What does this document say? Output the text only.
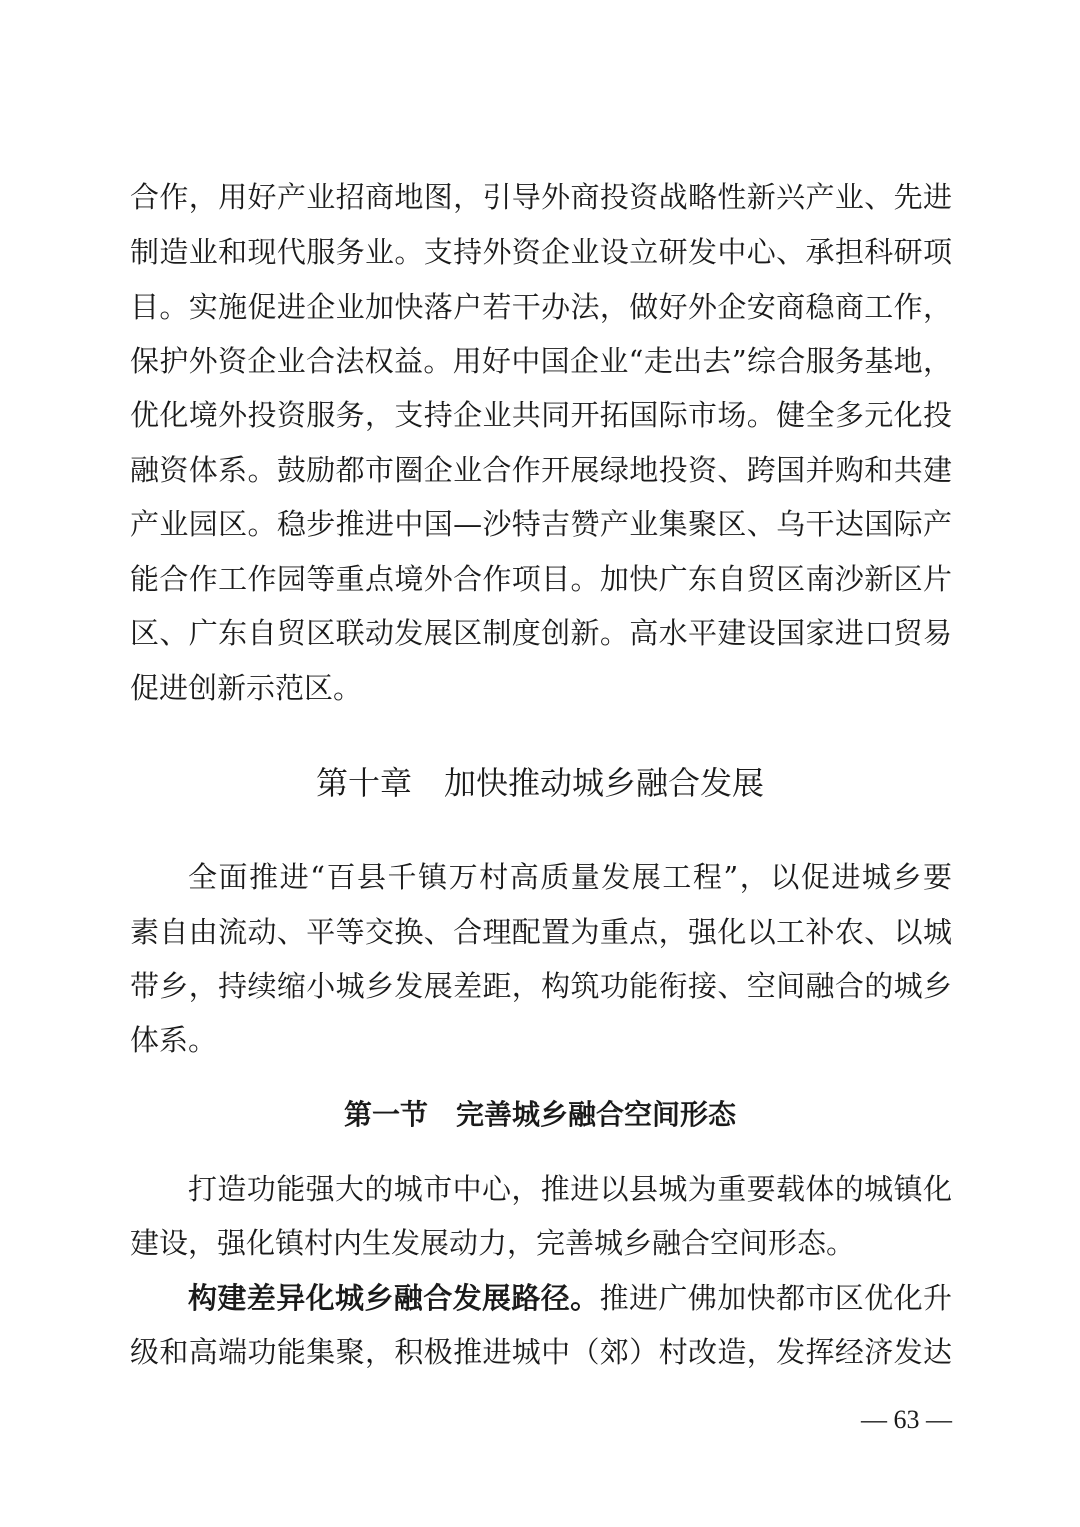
合作，用好产业招商地图，引导外商投资战略性新兴产业、先进
制造业和现代服务业。支持外资企业设立研发中心、承担科研项
目。实施促进企业加快落户若干办法，做好外企安商稳商工作，
保护外资企业合法权益。用好中国企业“走出去”综合服务基地，
优化境外投资服务，支持企业共同开拓国际市场。健全多元化投
融资体系。鼓励都市圈企业合作开展绿地投资、跨国并购和共建
产业园区。稳步推进中国—沙特吉赞产业集聚区、乌干达国际产
能合作工作园等重点境外合作项目。加快广东自贸区南沙新区片
区、广东自贸区联动发展区制度创新。高水平建设国家进口贸易
促进创新示范区。
第十章　加快推动城乡融合发展
全面推进“百县千镇万村高质量发展工程”，以促进城乡要
素自由流动、平等交换、合理配置为重点，强化以工补农、以城
带乡，持续缩小城乡发展差距，构筑功能衔接、空间融合的城乡
体系。
第一节　完善城乡融合空间形态
打造功能强大的城市中心，推进以县城为重要载体的城镇化
建设，强化镇村内生发展动力，完善城乡融合空间形态。
构建差异化城乡融合发展路径。推进广佛加快都市区优化升
级和高端功能集聚，积极推进城中（郊）村改造，发挥经济发达
— 63 —
